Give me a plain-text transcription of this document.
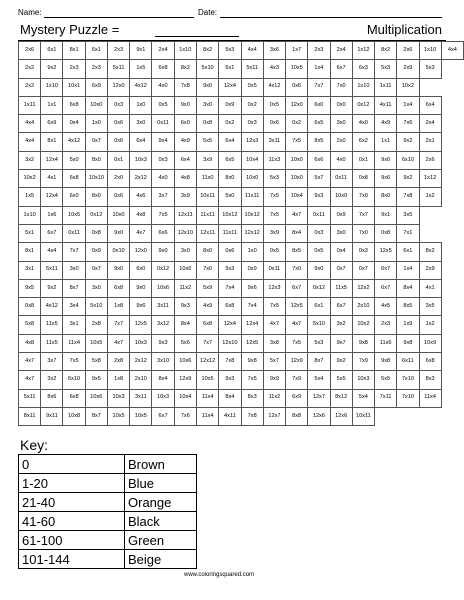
Name:	Date:
Mystery Puzzle =	Multiplication
2x6	6x1	8x1	6x1	2x3	9x1	2x4	1x10	8x2	5x3	4x4	3x6	1x7	2x3	2x4	1x12	8x2	2x6	1x10	4x4
2x2	9x2	2x3	2x3	5x11	1x5	6x8	8x2	5x10	6x1	5x11	4x3	10x5	1x4	6x7	6x3	5x3	2x9	5x3	
2x2	1x10	10x1	6x9	12x0	4x12	4x0	7x8	9x0	12x4	0x5	4x12	0x6	7x7	7x0	1x10	1x11	10x2		
1x11	1x1	6x8	10x0	0x3	1x0	0x5	9x0	3x0	0x9	0x2	0x5	12x0	6x0	0x0	0x12	4x11	1x4	6x4	
4x4	6x9	0x4	1x0	0x6	3x0	0x11	6x0	0x8	0x2	0x3	0x6	0x2	6x5	3x0	4x0	4x9	7x6	2x4	
4x4	8x1	4x12	0x7	0x6	6x4	9x4	4x9	5x5	6x4	12x3	3x11	7x5	8x5	2x0	6x2	1x1	9x2	2x1	
3x2	12x4	5x0	8x0	0x1	10x3	0x3	6x4	3x9	6x5	10x4	11x3	10x0	6x6	4x0	0x1	9x0	6x10	2x6	
10x2	4x1	6x8	10x10	2x0	2x12	4x0	4x8	11x0	8x0	10x0	5x3	10x0	5x7	0x11	0x8	9x6	9x2	1x12	
1x5	12x4	6x0	8x0	0x6	4x6	3x7	3x9	10x11	5x0	11x11	7x5	10x4	9x3	10x0	7x0	8x0	7x8	1x2	
1x10	1x6	10x5	0x12	10x0	4x8	7x5	12x11	11x11	10x12	10x12	7x5	4x7	0x11	0x9	7x7	9x1	3x5		
5x1	6x7	0x11	0x8	9x0	4x7	6x6	12x10	12x11	11x11	12x12	3x9	8x4	0x3	3x0	7x0	0x8	7x1		
8x1	4x4	7x7	0x9	0x10	12x0	9x0	3x0	8x0	0x6	1x0	0x5	8x5	0x5	0x4	0x3	12x5	6x1	8x2	
3x1	5x11	3x0	0x7	9x0	6x0	0x12	10x6	7x0	9x3	0x9	0x11	7x0	9x0	0x7	0x7	6x7	1x4	2x9	
9x5	9x2	8x7	3x0	6x8	9x0	10x6	11x2	5x9	7x4	9x6	12x3	6x7	0x12	11x5	12x2	6x7	8x4	4x1	
0x8	4x12	3x4	5x10	1x8	9x6	3x11	9x3	4x9	6x8	7x4	7x5	12x5	6x1	6x7	2x10	4x5	8x5	3x5	
5x8	11x5	3x1	2x8	7x7	12x5	3x12	8x4	6x8	12x4	12x4	4x7	4x7	5x10	3x2	10x2	2x3	1x9	1x2	
4x8	11x5	11x4	10x5	4x7	10x3	9x3	5x6	7x7	12x10	12x5	3x8	7x5	5x3	9x7	9x8	11x6	9x8	10x9	
4x7	3x7	7x5	5x8	2x8	2x12	3x10	10x6	12x12	7x8	9x8	5x7	12x9	8x7	9x2	7x9	9x8	6x11	6x8	
4x7	3x2	6x10	9x5	1x8	2x10	8x4	12x9	10x5	9x3	7x5	9x9	7x9	5x4	5x5	10x3	5x5	7x10	8x3	
5x11	8x6	6x8	10x6	10x3	3x11	10x3	10x4	11x4	8x4	8x3	11x2	6x9	12x7	8x12	5x4	7x11	7x10	11x4	
8x11	9x11	10x8	8x7	10x5	10x5	6x7	7x6	11x4	4x11	7x8	12x7	8x8	12x6	12x6	10x11				
Key:
0	Brown
1-20	Blue
21-40	Orange
41-60	Black
61-100	Green
101-144	Beige
www.coloringsquared.com
